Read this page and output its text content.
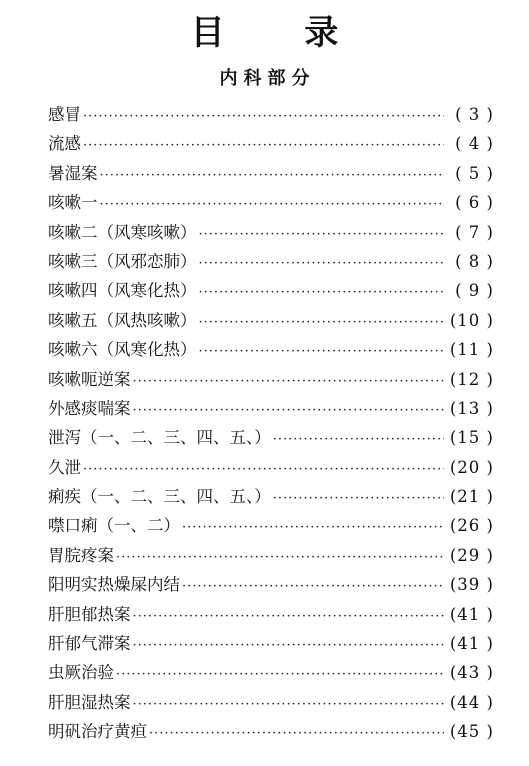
目 录
内科部分
感冒 ·····	( 3 )
流感 ·····	( 4 )
暑湿案 ·····	( 5 )
咳嗽一 ·····	( 6 )
咳嗽二（风寒咳嗽） ·····	( 7 )
咳嗽三（风邪恋肺） ·····	( 8 )
咳嗽四（风寒化热） ·····	( 9 )
咳嗽五（风热咳嗽） ·····	(10 )
咳嗽六（风寒化热） ·····	(11 )
咳嗽呃逆案 ·····	(12 )
外感痰喘案 ·····	(13 )
泄泻（一、二、三、四、五、） ·····	(15 )
久泄 ·····	(20 )
痢疾（一、二、三、四、五、） ·····	(21 )
噤口痢（一、二） ·····	(26 )
胃脘疼案 ·····	(29 )
阳明实热燥屎内结 ·····	(39 )
肝胆郁热案 ·····	(41 )
肝郁气滞案 ·····	(41 )
虫厥治验 ·····	(43 )
肝胆湿热案 ·····	(44 )
明矾治疗黄疸 ·····	(45 )
